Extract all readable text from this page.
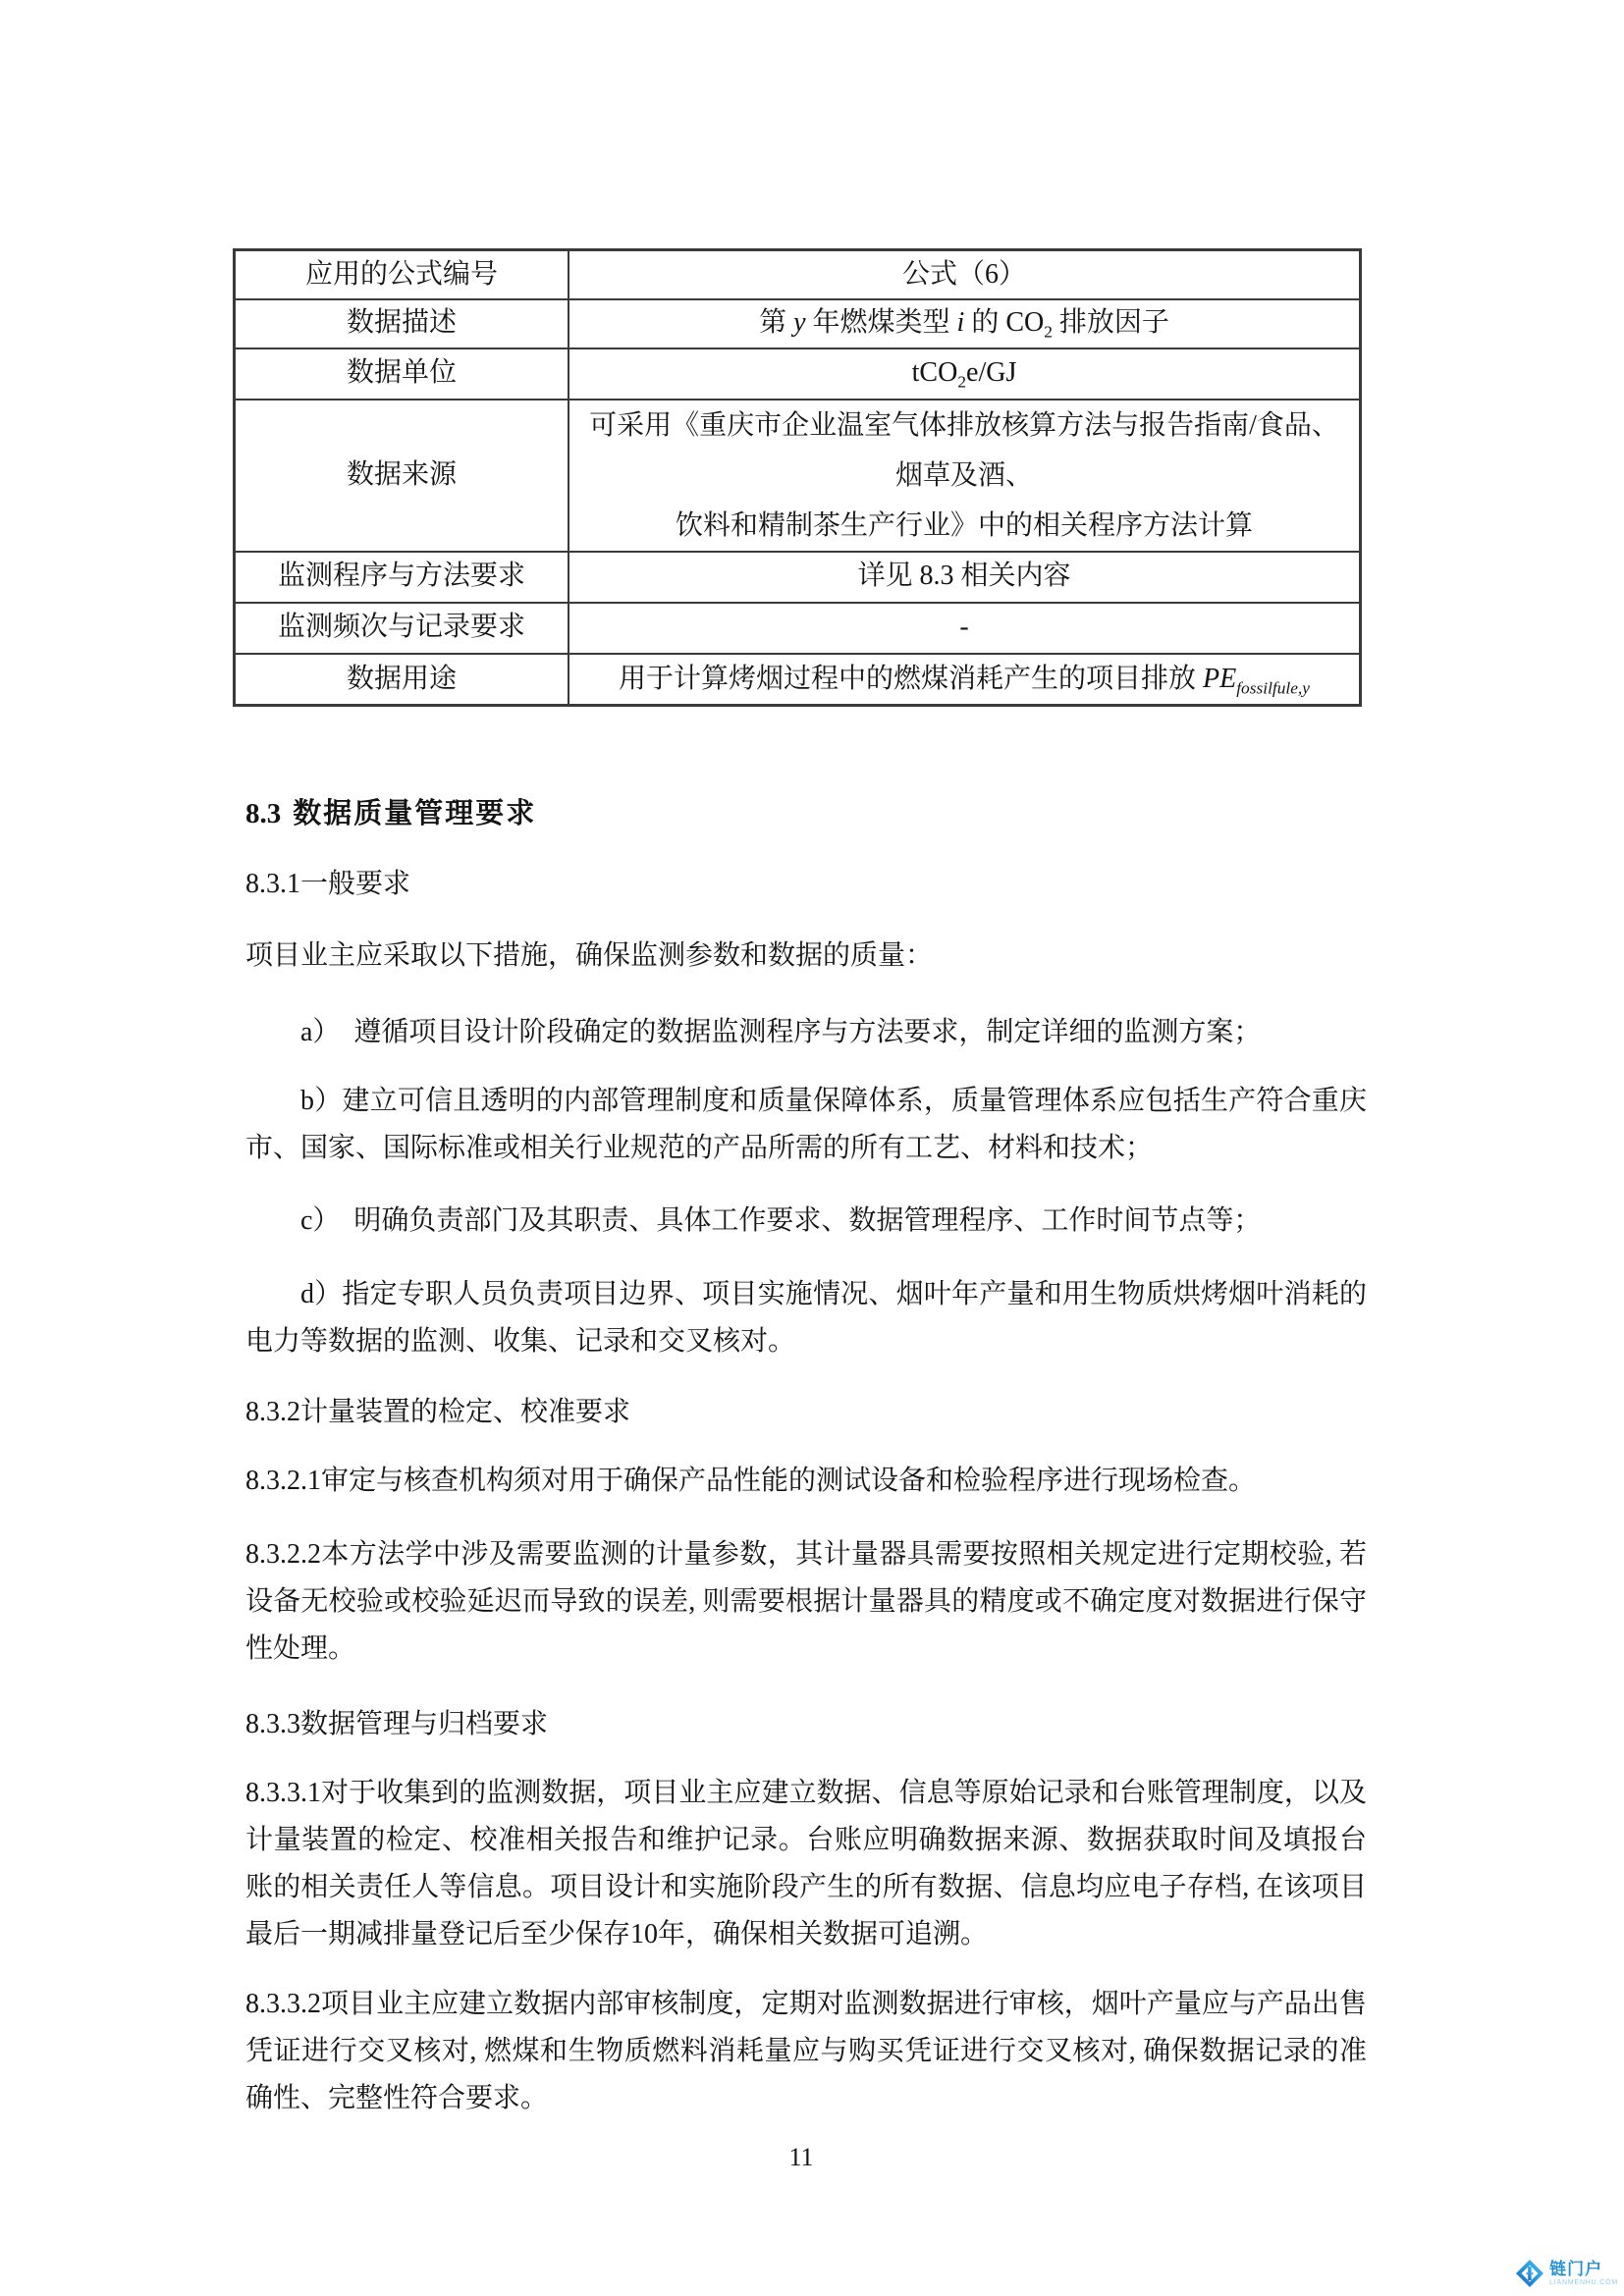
应用的公式编号	公式（6）
数据描述	第 y 年燃煤类型 i 的 $CO_2$ 排放因子
数据单位	tCO$_2$e/GJ
数据来源	可采用《重庆市企业温室气体排放核算方法与报告指南/食品、烟草及酒、
饮料和精制茶生产行业》中的相关程序方法计算

监测程序与方法要求	详见 8.3 相关内容
监测频次与记录要求	-
数据用途	用于计算烤烟过程中的燃煤消耗产生的项目排放 $PE_{fossilfule,y}$
8.3 数据质量管理要求

8.3.1一般要求

项目业主应采取以下措施，确保监测参数和数据的质量：

a）　遵循项目设计阶段确定的数据监测程序与方法要求，制定详细的监测方案；

b）建立可信且透明的内部管理制度和质量保障体系，质量管理体系应包括生产符合重庆市、国家、国际标准或相关行业规范的产品所需的所有工艺、材料和技术；

c）　明确负责部门及其职责、具体工作要求、数据管理程序、工作时间节点等；

d）指定专职人员负责项目边界、项目实施情况、烟叶年产量和用生物质烘烤烟叶消耗的电力等数据的监测、收集、记录和交叉核对。

8.3.2计量装置的检定、校准要求

8.3.2.1审定与核查机构须对用于确保产品性能的测试设备和检验程序进行现场检查。

8.3.2.2本方法学中涉及需要监测的计量参数，其计量器具需要按照相关规定进行定期校验, 若设备无校验或校验延迟而导致的误差, 则需要根据计量器具的精度或不确定度对数据进行保守性处理。

8.3.3数据管理与归档要求

8.3.3.1对于收集到的监测数据，项目业主应建立数据、信息等原始记录和台账管理制度，以及计量装置的检定、校准相关报告和维护记录。台账应明确数据来源、数据获取时间及填报台账的相关责任人等信息。项目设计和实施阶段产生的所有数据、信息均应电子存档, 在该项目最后一期减排量登记后至少保存10年，确保相关数据可追溯。

8.3.3.2项目业主应建立数据内部审核制度，定期对监测数据进行审核，烟叶产量应与产品出售凭证进行交叉核对, 燃煤和生物质燃料消耗量应与购买凭证进行交叉核对, 确保数据记录的准确性、完整性符合要求。

11
链门户
LIANMENHU.COM
